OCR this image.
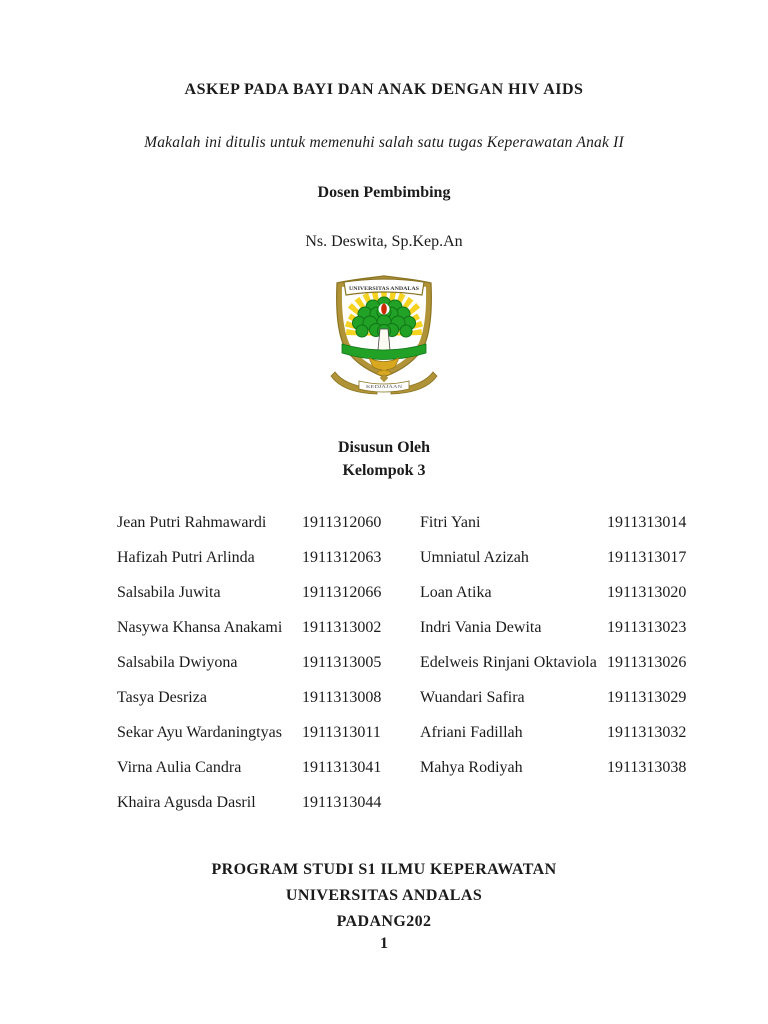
ASKEP PADA BAYI DAN ANAK DENGAN HIV AIDS
Makalah ini ditulis untuk memenuhi salah satu tugas Keperawatan Anak II
Dosen Pembimbing
Ns. Deswita, Sp.Kep.An
UNIVERSITAS ANDALAS
KEDJAJAAN
Disusun Oleh
Kelompok 3
Jean Putri Rahmawardi	1911312060	Fitri Yani	1911313014
Hafizah Putri Arlinda	1911312063	Umniatul Azizah	1911313017
Salsabila Juwita	1911312066	Loan Atika	1911313020
Nasywa Khansa Anakami	1911313002	Indri Vania Dewita	1911313023
Salsabila Dwiyona	1911313005	Edelweis Rinjani Oktaviola 1911313026
Tasya Desriza	1911313008	Wuandari Safira	1911313029
Sekar Ayu Wardaningtyas	1911313011	Afriani Fadillah	1911313032
Virna Aulia Candra	1911313041	Mahya Rodiyah	1911313038
Khaira Agusda Dasril	1911313044
PROGRAM STUDI S1 ILMU KEPERAWATAN
UNIVERSITAS ANDALAS
PADANG202
1
